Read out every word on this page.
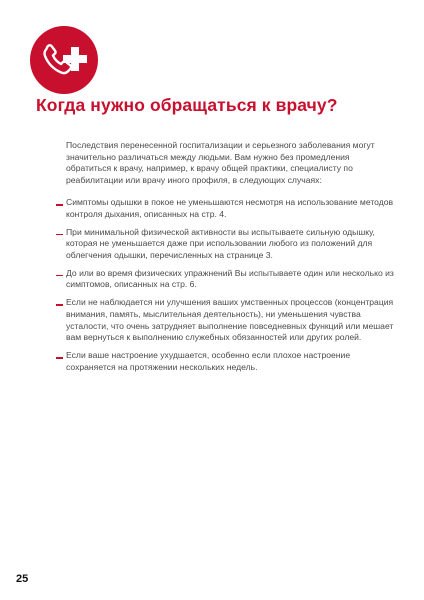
Когда нужно обращаться к врачу?

Последствия перенесенной госпитализации и серьезного заболевания могут значительно различаться между людьми. Вам нужно без промедления обратиться к врачу, например, к врачу общей практики, специалисту по реабилитации или врачу иного профиля, в следующих случаях:

Симптомы одышки в покое не уменьшаются несмотря на использование методов контроля дыхания, описанных на стр. 4.
При минимальной физической активности вы испытываете сильную одышку, которая не уменьшается даже при использовании любого из положений для облегчения одышки, перечисленных на странице 3.
До или во время физических упражнений Вы испытываете один или несколько из симптомов, описанных на стр. 6.
Если не наблюдается ни улучшения ваших умственных процессов (концентрация внимания, память, мыслительная деятельность), ни уменьшения чувства усталости, что очень затрудняет выполнение повседневных функций или мешает вам вернуться к выполнению служебных обязанностей или других ролей.
Если ваше настроение ухудшается, особенно если плохое настроение сохраняется на протяжении нескольких недель.
25
